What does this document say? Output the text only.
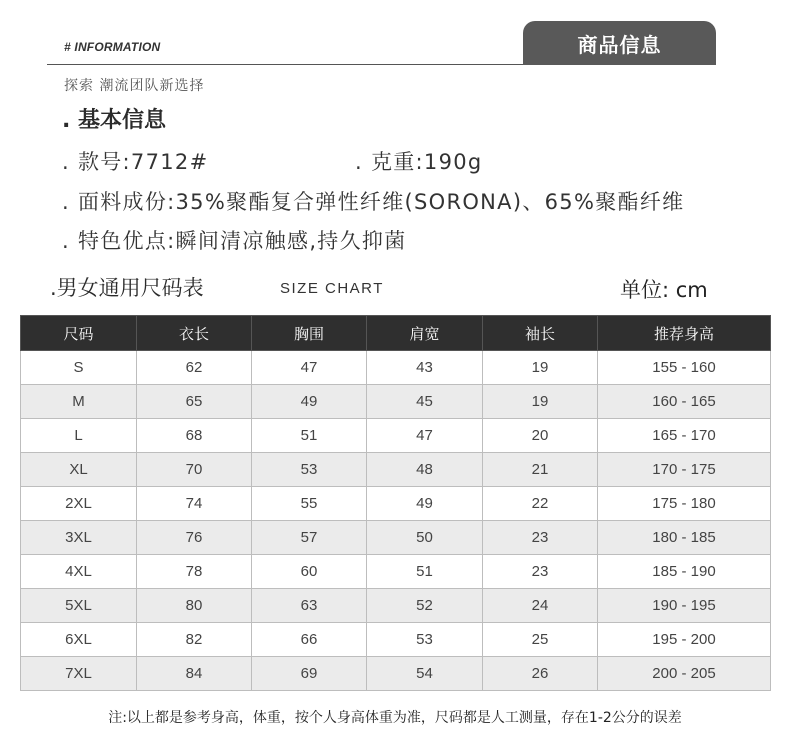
# INFORMATION	商品信息
探索 潮流团队新选择
. 基本信息
. 款号:7712#	. 克重:190g
. 面料成份:35%聚酯复合弹性纤维(SORONA)、65%聚酯纤维
. 特色优点:瞬间清凉触感,持久抑菌
.男女通用尺码表	SIZE CHART	单位: cm
尺码	衣长	胸围	肩宽	袖长	推荐身高
S	62	47	43	19	155 - 160
M	65	49	45	19	160 - 165
L	68	51	47	20	165 - 170
XL	70	53	48	21	170 - 175
2XL	74	55	49	22	175 - 180
3XL	76	57	50	23	180 - 185
4XL	78	60	51	23	185 - 190
5XL	80	63	52	24	190 - 195
6XL	82	66	53	25	195 - 200
7XL	84	69	54	26	200 - 205
注:以上都是参考身高，体重，按个人身高体重为准，尺码都是人工测量，存在1-2公分的误差
